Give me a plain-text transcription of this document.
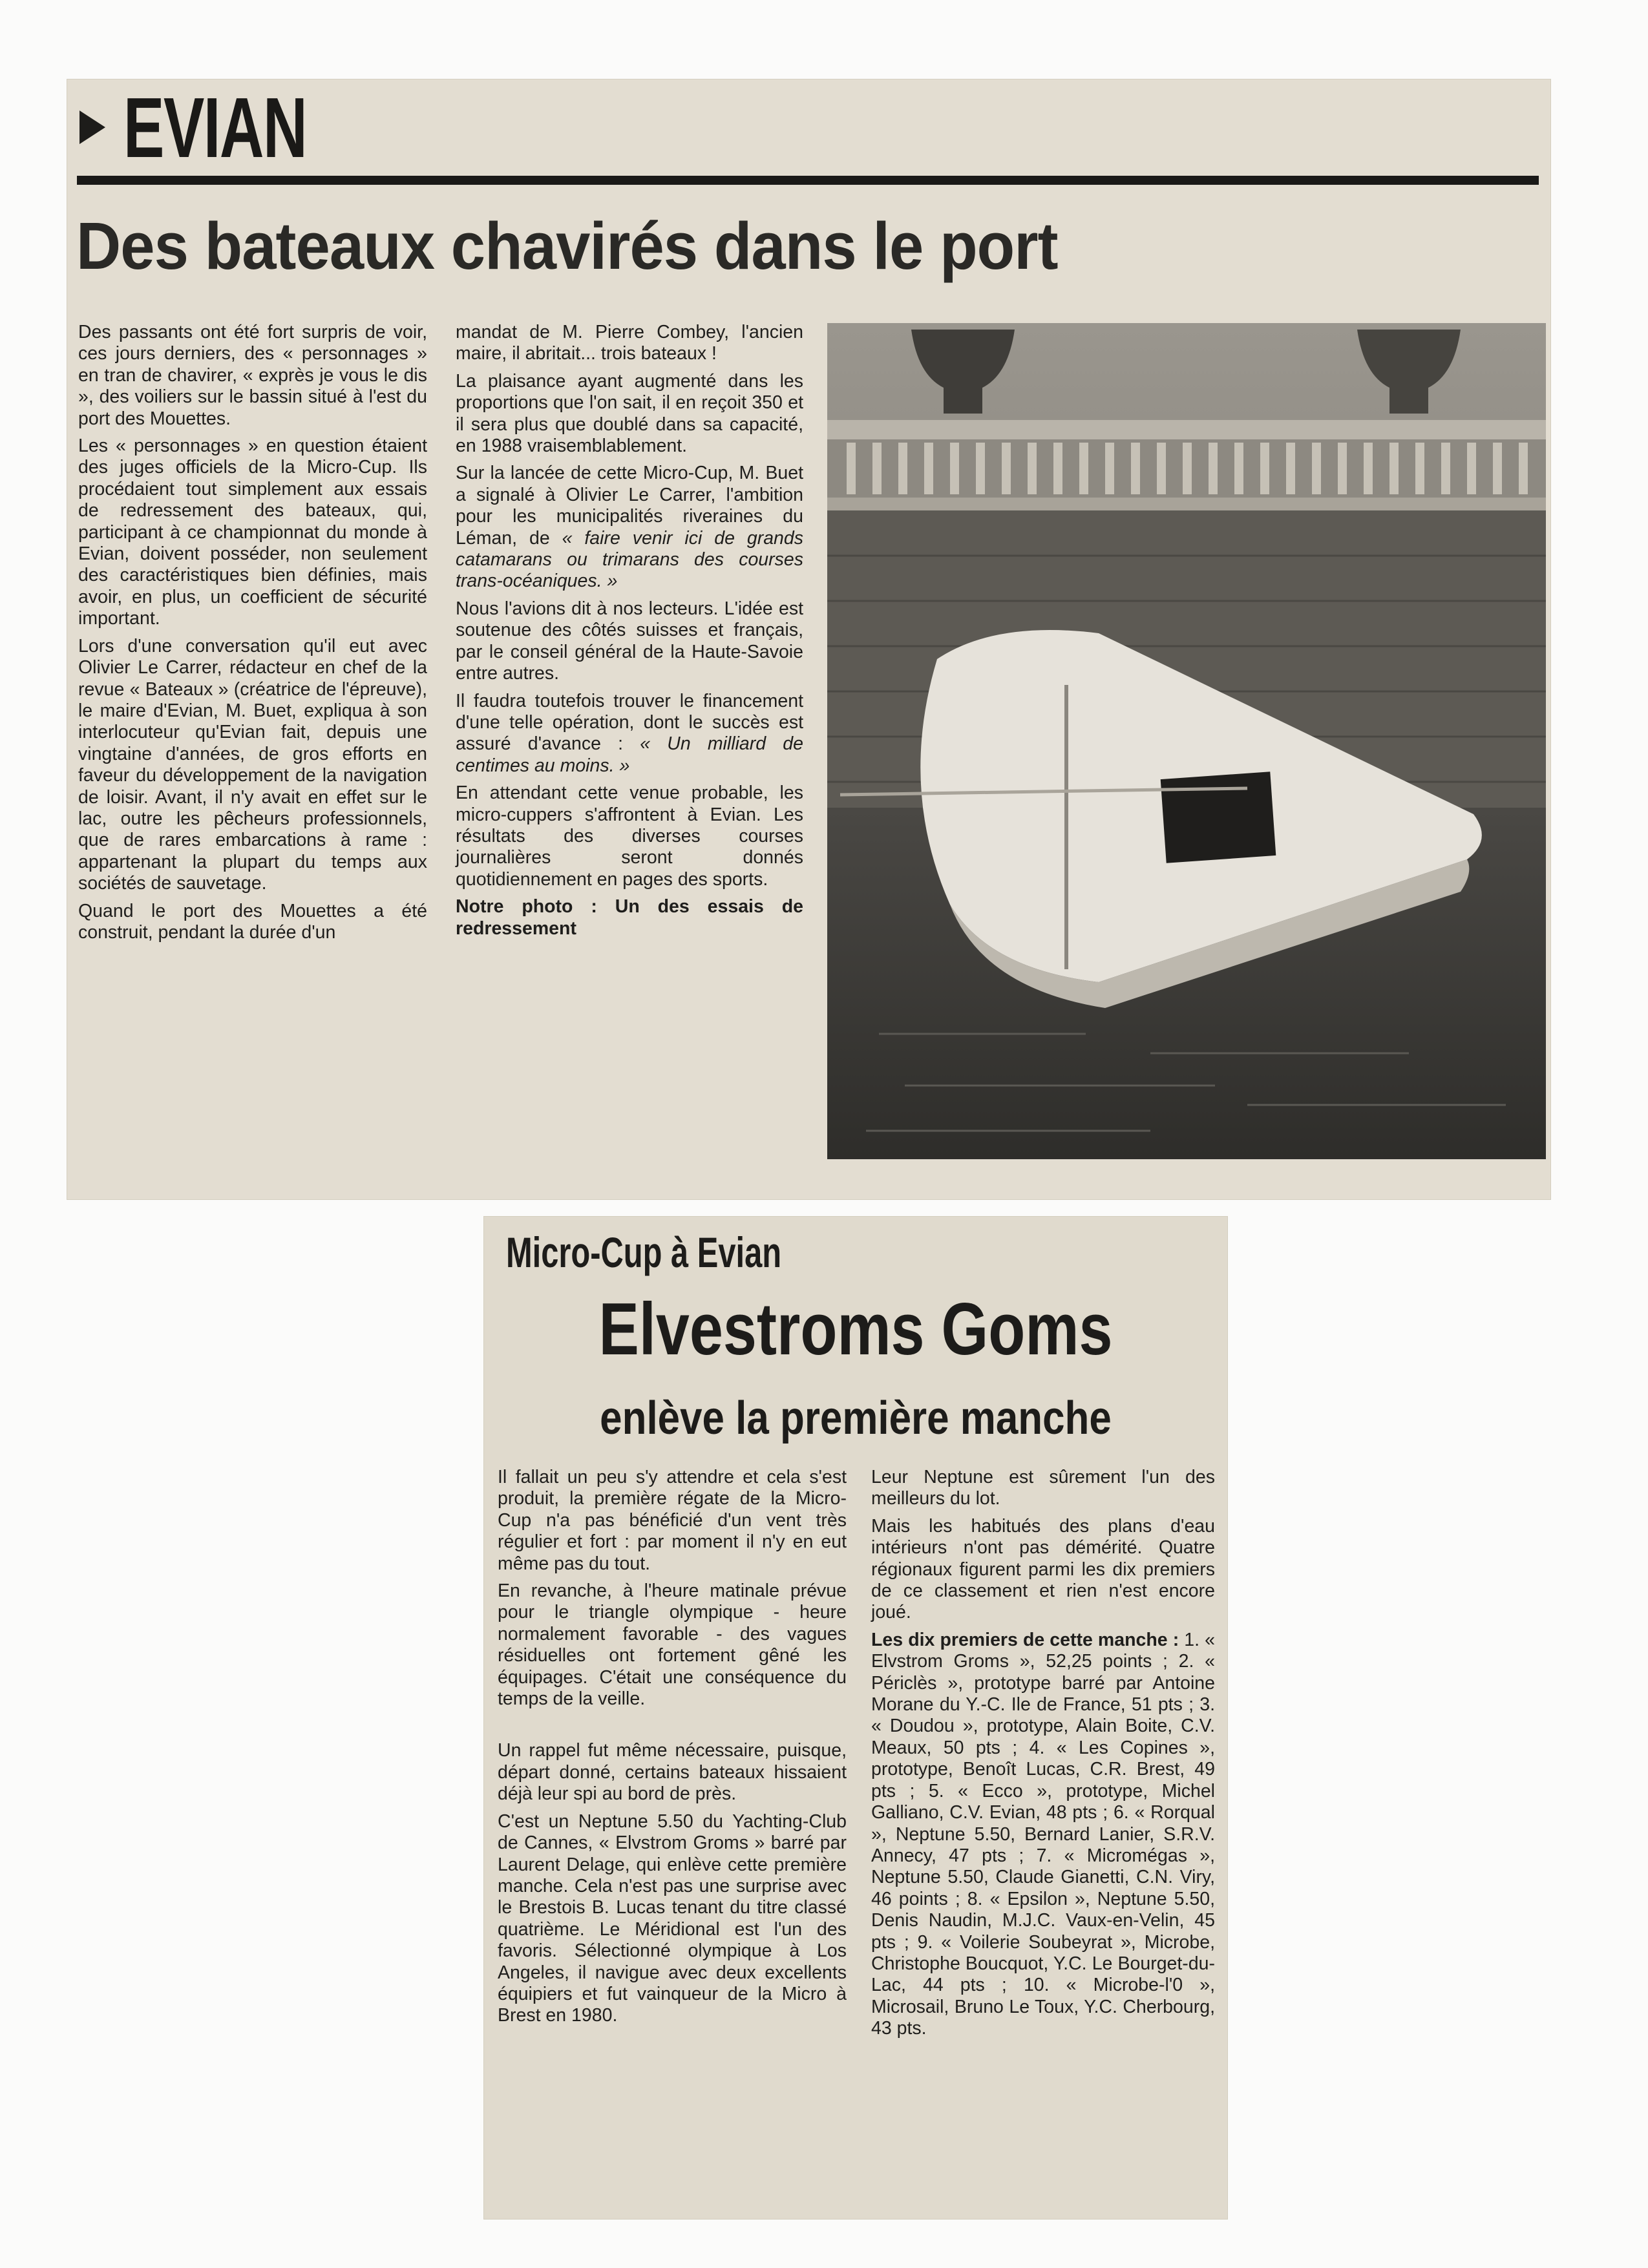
EVIAN
Des bateaux chavirés dans le port

Des passants ont été fort surpris de voir, ces jours derniers, des « personnages » en tran de chavirer, « exprès je vous le dis », des voiliers sur le bassin situé à l'est du port des Mouettes.

Les « personnages » en question étaient des juges officiels de la Micro-Cup. Ils procédaient tout simplement aux essais de redressement des bateaux, qui, participant à ce championnat du monde à Evian, doivent posséder, non seulement des caractéristiques bien définies, mais avoir, en plus, un coefficient de sécurité important.

Lors d'une conversation qu'il eut avec Olivier Le Carrer, rédacteur en chef de la revue « Bateaux » (créatrice de l'épreuve), le maire d'Evian, M. Buet, expliqua à son interlocuteur qu'Evian fait, depuis une vingtaine d'années, de gros efforts en faveur du développement de la navigation de loisir. Avant, il n'y avait en effet sur le lac, outre les pêcheurs professionnels, que de rares embarcations à rame : appartenant la plupart du temps aux sociétés de sauvetage.

Quand le port des Mouettes a été construit, pendant la durée d'un

mandat de M. Pierre Combey, l'ancien maire, il abritait... trois bateaux !

La plaisance ayant augmenté dans les proportions que l'on sait, il en reçoit 350 et il sera plus que doublé dans sa capacité, en 1988 vraisemblablement.

Sur la lancée de cette Micro-Cup, M. Buet a signalé à Olivier Le Carrer, l'ambition pour les municipalités riveraines du Léman, de « faire venir ici de grands catamarans ou trimarans des courses trans-océaniques. »

Nous l'avions dit à nos lecteurs. L'idée est soutenue des côtés suisses et français, par le conseil général de la Haute-Savoie entre autres.

Il faudra toutefois trouver le financement d'une telle opération, dont le succès est assuré d'avance : « Un milliard de centimes au moins. »

En attendant cette venue probable, les micro-cuppers s'affrontent à Evian. Les résultats des diverses courses journalières seront donnés quotidiennement en pages des sports.

Notre photo : Un des essais de redressement

Micro-Cup à Evian
Elvestroms Goms
enlève la première manche

Il fallait un peu s'y attendre et cela s'est produit, la première régate de la Micro-Cup n'a pas bénéficié d'un vent très régulier et fort : par moment il n'y en eut même pas du tout.

En revanche, à l'heure matinale prévue pour le triangle olympique - heure normalement favorable - des vagues résiduelles ont fortement gêné les équipages. C'était une conséquence du temps de la veille.

Un rappel fut même nécessaire, puisque, départ donné, certains bateaux hissaient déjà leur spi au bord de près.

C'est un Neptune 5.50 du Yachting-Club de Cannes, « Elvstrom Groms » barré par Laurent Delage, qui enlève cette première manche. Cela n'est pas une surprise avec le Brestois B. Lucas tenant du titre classé quatrième. Le Méridional est l'un des favoris. Sélectionné olympique à Los Angeles, il navigue avec deux excellents équipiers et fut vainqueur de la Micro à Brest en 1980.

Leur Neptune est sûrement l'un des meilleurs du lot.

Mais les habitués des plans d'eau intérieurs n'ont pas démérité. Quatre régionaux figurent parmi les dix premiers de ce classement et rien n'est encore joué.

Les dix premiers de cette manche : 1. « Elvstrom Groms », 52,25 points ; 2. « Périclès », prototype barré par Antoine Morane du Y.-C. Ile de France, 51 pts ; 3. « Doudou », prototype, Alain Boite, C.V. Meaux, 50 pts ; 4. « Les Copines », prototype, Benoît Lucas, C.R. Brest, 49 pts ; 5. « Ecco », prototype, Michel Galliano, C.V. Evian, 48 pts ; 6. « Rorqual », Neptune 5.50, Bernard Lanier, S.R.V. Annecy, 47 pts ; 7. « Micromégas », Neptune 5.50, Claude Gianetti, C.N. Viry, 46 points ; 8. « Epsilon », Neptune 5.50, Denis Naudin, M.J.C. Vaux-en-Velin, 45 pts ; 9. « Voilerie Soubeyrat », Microbe, Christophe Boucquot, Y.C. Le Bourget-du-Lac, 44 pts ; 10. « Microbe-l'0 », Microsail, Bruno Le Toux, Y.C. Cherbourg, 43 pts.
